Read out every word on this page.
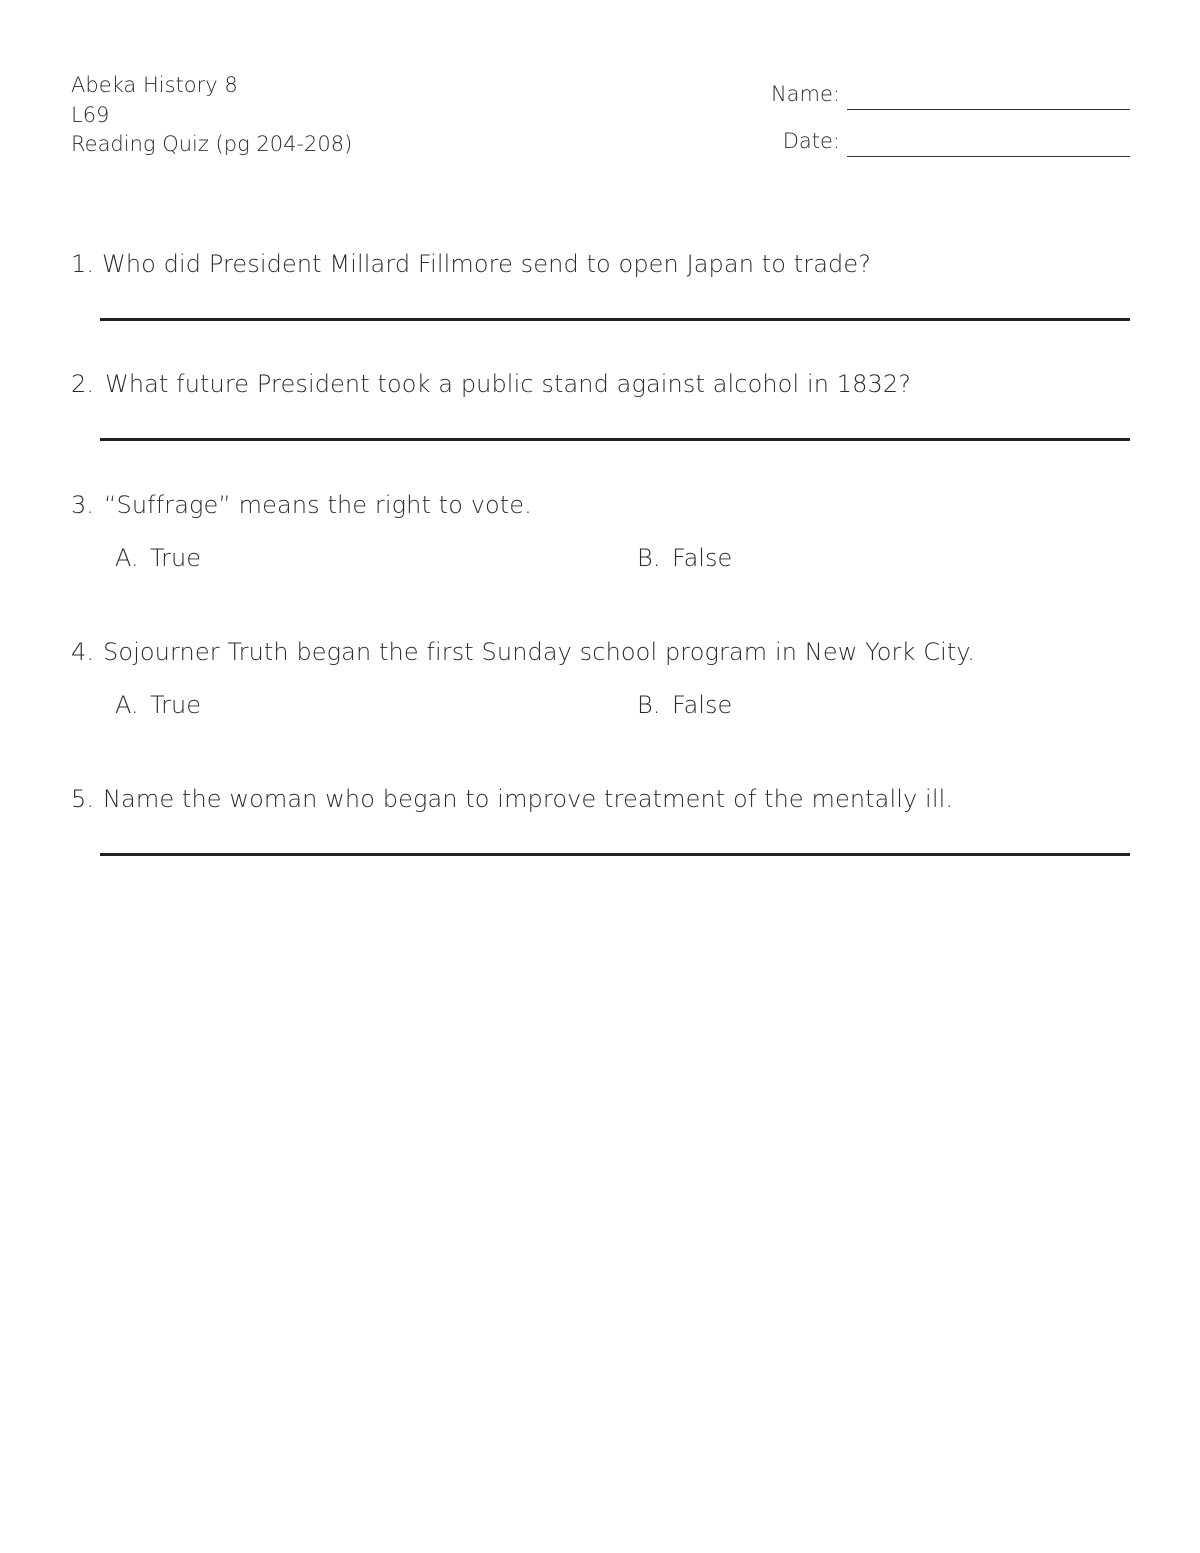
Abeka History 8
L69
Reading Quiz (pg 204-208)
Name:
Date:
1. Who did President Millard Fillmore send to open Japan to trade?
2. What future President took a public stand against alcohol in 1832?
3. “Suffrage” means the right to vote.
A. True	B. False
4. Sojourner Truth began the first Sunday school program in New York City.
A. True	B. False
5. Name the woman who began to improve treatment of the mentally ill.
